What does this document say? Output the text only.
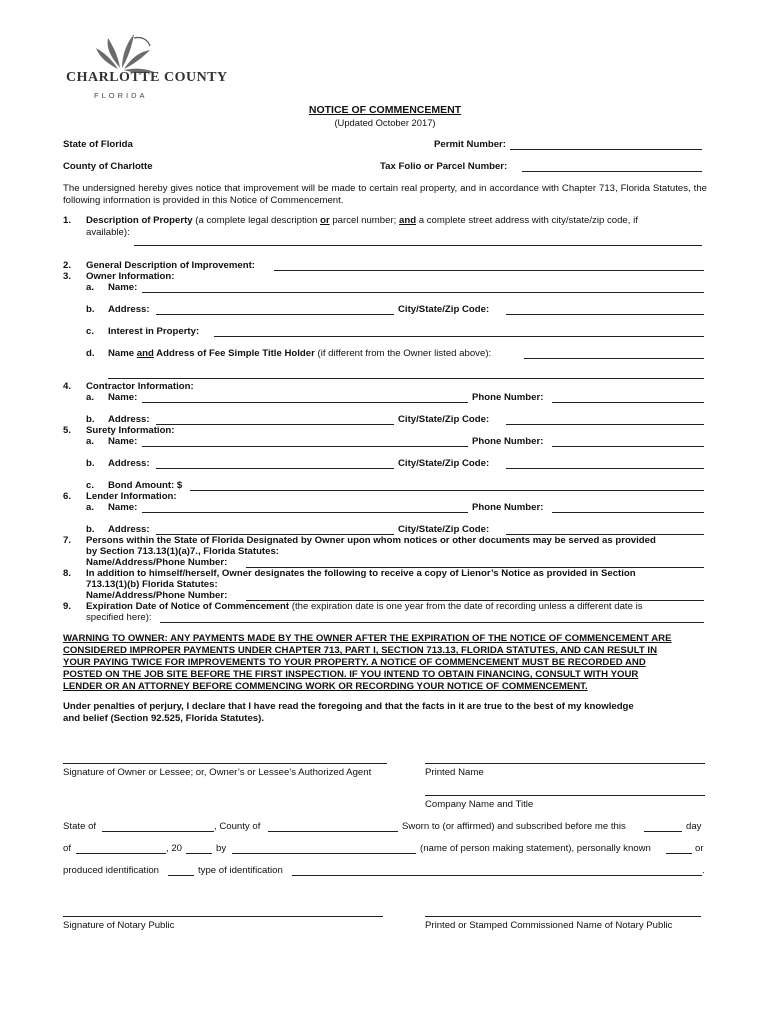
CHARLOTTE COUNTY
FLORIDA
NOTICE OF COMMENCEMENT
(Updated October 2017)
State of Florida	Permit Number:
County of Charlotte	Tax Folio or Parcel Number:
The undersigned hereby gives notice that improvement will be made to certain real property, and in accordance with Chapter 713, Florida Statutes, the following information is provided in this Notice of Commencement.
1. Description of Property (a complete legal description or parcel number; and a complete street address with city/state/zip code, if
available):
2. General Description of Improvement:
3. Owner Information:
a. Name:
b. Address:	City/State/Zip Code:
c. Interest in Property:
d. Name and Address of Fee Simple Title Holder (if different from the Owner listed above):
4. Contractor Information:
a. Name:	Phone Number:
b. Address:	City/State/Zip Code:
5. Surety Information:
a. Name:	Phone Number:
b. Address:	City/State/Zip Code:
c. Bond Amount: $
6. Lender Information:
a. Name:	Phone Number:
b. Address:	City/State/Zip Code:
7. Persons within the State of Florida Designated by Owner upon whom notices or other documents may be served as provided
by Section 713.13(1)(a)7., Florida Statutes:
Name/Address/Phone Number:
8. In addition to himself/herself, Owner designates the following to receive a copy of Lienor’s Notice as provided in Section
713.13(1)(b) Florida Statutes:
Name/Address/Phone Number:
9. Expiration Date of Notice of Commencement (the expiration date is one year from the date of recording unless a different date is
specified here):
WARNING TO OWNER: ANY PAYMENTS MADE BY THE OWNER AFTER THE EXPIRATION OF THE NOTICE OF COMMENCEMENT ARE
CONSIDERED IMPROPER PAYMENTS UNDER CHAPTER 713, PART I, SECTION 713.13, FLORIDA STATUTES, AND CAN RESULT IN
YOUR PAYING TWICE FOR IMPROVEMENTS TO YOUR PROPERTY. A NOTICE OF COMMENCEMENT MUST BE RECORDED AND
POSTED ON THE JOB SITE BEFORE THE FIRST INSPECTION. IF YOU INTEND TO OBTAIN FINANCING, CONSULT WITH YOUR
LENDER OR AN ATTORNEY BEFORE COMMENCING WORK OR RECORDING YOUR NOTICE OF COMMENCEMENT.
Under penalties of perjury, I declare that I have read the foregoing and that the facts in it are true to the best of my knowledge
and belief (Section 92.525, Florida Statutes).
Signature of Owner or Lessee; or, Owner’s or Lessee’s Authorized Agent	Printed Name
Company Name and Title
State of	, County of	Sworn to (or affirmed) and subscribed before me this	day
of	, 20	by	(name of person making statement), personally known	or
produced identification	type of identification	.
Signature of Notary Public	Printed or Stamped Commissioned Name of Notary Public
